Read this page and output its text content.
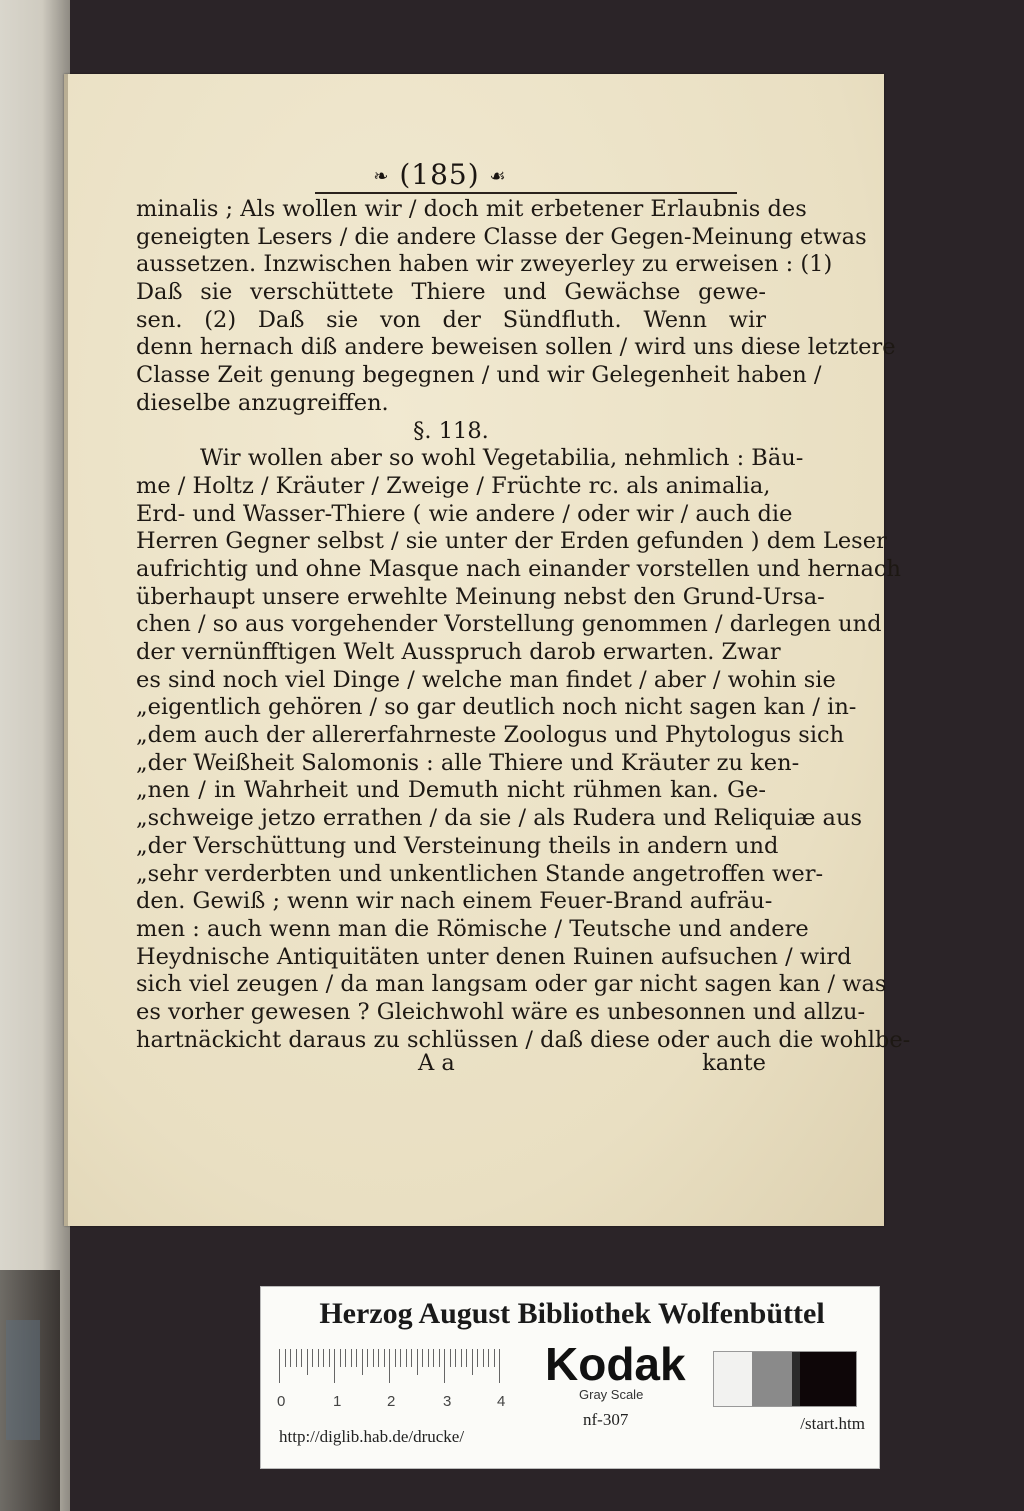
❧ (185) ☙
minalis ; Als wollen wir / doch mit erbetener Erlaubnis des
geneigten Lesers / die andere Classe der Gegen-Meinung etwas
aussetzen. Inzwischen haben wir zweyerley zu erweisen : (1)
Daß sie verschüttete Thiere und Gewächse gewe-
sen. (2) Daß sie von der Sündfluth. Wenn wir
denn hernach diß andere beweisen sollen / wird uns diese letztere
Classe Zeit genung begegnen / und wir Gelegenheit haben /
dieselbe anzugreiffen.
§. 118.
Wir wollen aber so wohl Vegetabilia, nehmlich : Bäu-
me / Holtz / Kräuter / Zweige / Früchte rc. als animalia,
Erd- und Wasser-Thiere ( wie andere / oder wir / auch die
Herren Gegner selbst / sie unter der Erden gefunden ) dem Leser
aufrichtig und ohne Masque nach einander vorstellen und hernach
überhaupt unsere erwehlte Meinung nebst den Grund-Ursa-
chen / so aus vorgehender Vorstellung genommen / darlegen und
der vernünfftigen Welt Ausspruch darob erwarten. Zwar
es sind noch viel Dinge / welche man findet / aber / wohin sie
„eigentlich gehören / so gar deutlich noch nicht sagen kan / in-
„dem auch der allererfahrneste Zoologus und Phytologus sich
„der Weißheit Salomonis : alle Thiere und Kräuter zu ken-
„nen / in Wahrheit und Demuth nicht rühmen kan. Ge-
„schweige jetzo errathen / da sie / als Rudera und Reliquiæ aus
„der Verschüttung und Versteinung theils in andern und
„sehr verderbten und unkentlichen Stande angetroffen wer-
den. Gewiß ; wenn wir nach einem Feuer-Brand aufräu-
men : auch wenn man die Römische / Teutsche und andere
Heydnische Antiquitäten unter denen Ruinen aufsuchen / wird
sich viel zeugen / da man langsam oder gar nicht sagen kan / was
es vorher gewesen ? Gleichwohl wäre es unbesonnen und allzu-
hartnäckicht daraus zu schlüssen / daß diese oder auch die wohlbe-
A a	kante
Herzog August Bibliothek Wolfenbüttel
0	1	2	3	4
Kodak
Gray Scale
nf-307
http://diglib.hab.de/drucke/
/start.htm
